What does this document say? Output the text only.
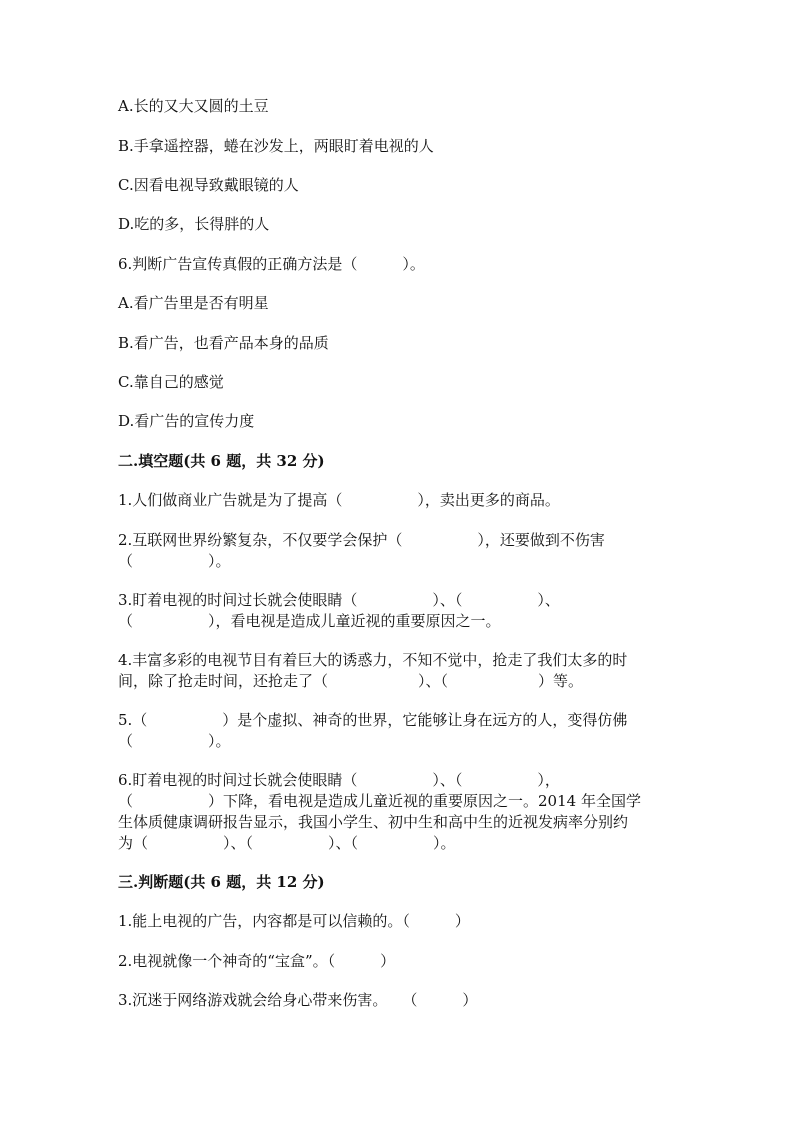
A.长的又大又圆的土豆
B.手拿遥控器，蜷在沙发上，两眼盯着电视的人
C.因看电视导致戴眼镜的人
D.吃的多，长得胖的人
6.判断广告宣传真假的正确方法是（　　　）。
A.看广告里是否有明星
B.看广告，也看产品本身的品质
C.靠自己的感觉
D.看广告的宣传力度
二.填空题(共 6 题，共 32 分)
1.人们做商业广告就是为了提高（　　　　　），卖出更多的商品。
2.互联网世界纷繁复杂，不仅要学会保护（　　　　　），还要做到不伤害
（　　　　　）。
3.盯着电视的时间过长就会使眼睛（　　　　　）、（　　　　　）、
（　　　　　），看电视是造成儿童近视的重要原因之一。
4.丰富多彩的电视节目有着巨大的诱惑力，不知不觉中，抢走了我们太多的时
间，除了抢走时间，还抢走了（　　　　　　）、（　　　　　　）等。
5.（　　　　　）是个虚拟、神奇的世界，它能够让身在远方的人，变得仿佛
（　　　　　）。
6.盯着电视的时间过长就会使眼睛（　　　　　）、（　　　　　），
（　　　　　）下降，看电视是造成儿童近视的重要原因之一。2014 年全国学
生体质健康调研报告显示，我国小学生、初中生和高中生的近视发病率分别约
为（　　　　　）、（　　　　　）、（　　　　　）。
三.判断题(共 6 题，共 12 分)
1.能上电视的广告，内容都是可以信赖的。（　　　）
2.电视就像一个神奇的“宝盒”。（　　　）
3.沉迷于网络游戏就会给身心带来伤害。　　（　　　）
